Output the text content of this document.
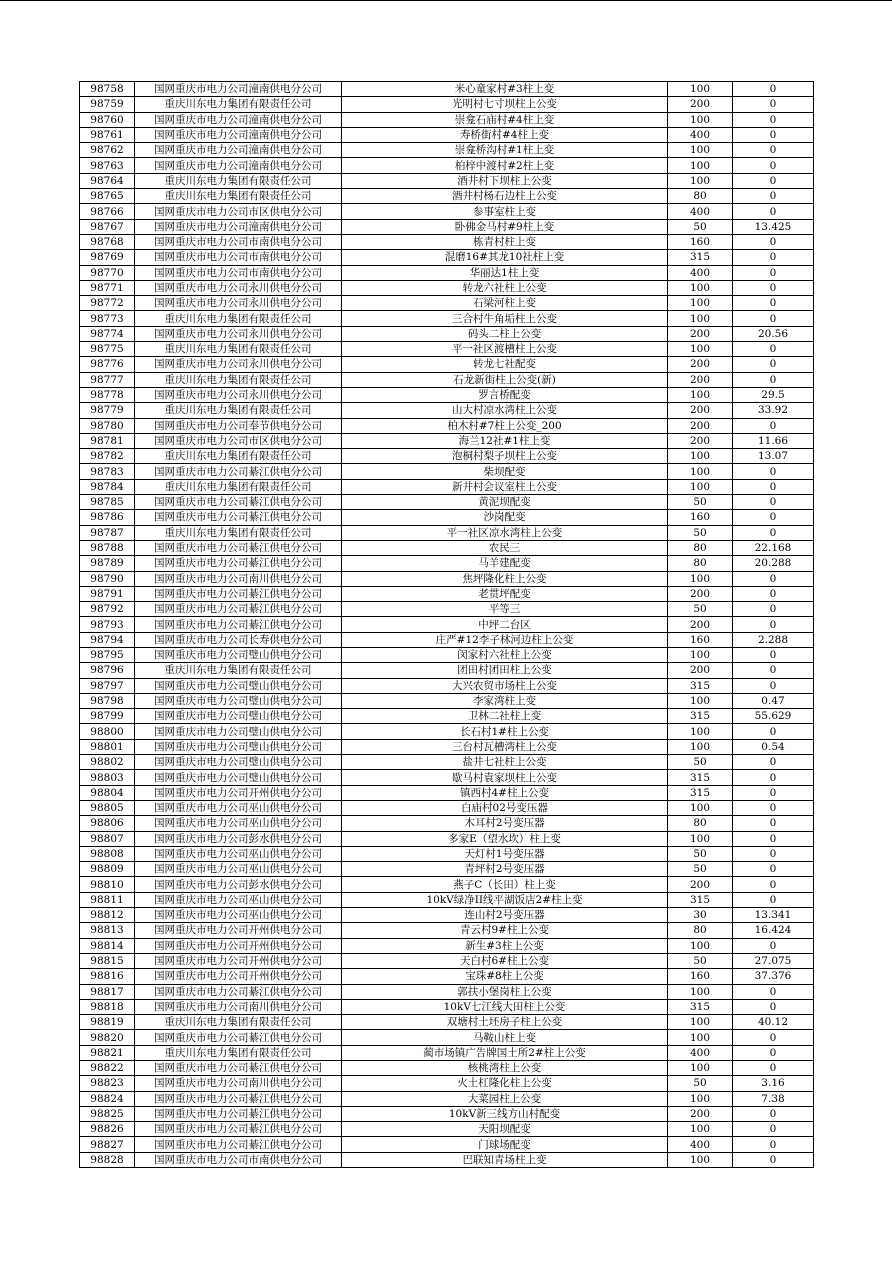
98758	国网重庆市电力公司潼南供电分公司	米心童家村#3柱上变	100	0
98759	重庆川东电力集团有限责任公司	光明村七寸坝柱上公变	200	0
98760	国网重庆市电力公司潼南供电分公司	崇龛石庙村#4柱上变	100	0
98761	国网重庆市电力公司潼南供电分公司	寿桥街村#4柱上变	400	0
98762	国网重庆市电力公司潼南供电分公司	崇龛桥沟村#1柱上变	100	0
98763	国网重庆市电力公司潼南供电分公司	柏梓中渡村#2柱上变	100	0
98764	重庆川东电力集团有限责任公司	酒井村下坝柱上公变	100	0
98765	重庆川东电力集团有限责任公司	酒井村杨石边柱上公变	80	0
98766	国网重庆市电力公司市区供电分公司	参事室柱上变	400	0
98767	国网重庆市电力公司潼南供电分公司	卧佛金马村#9柱上变	50	13.425
98768	国网重庆市电力公司市南供电分公司	栋青村柱上变	160	0
98769	国网重庆市电力公司市南供电分公司	混磨16#其龙10社柱上变	315	0
98770	国网重庆市电力公司市南供电分公司	华丽达1柱上变	400	0
98771	国网重庆市电力公司永川供电分公司	转龙六社柱上公变	100	0
98772	国网重庆市电力公司永川供电分公司	石梁河柱上变	100	0
98773	重庆川东电力集团有限责任公司	三合村牛角垢柱上公变	100	0
98774	国网重庆市电力公司永川供电分公司	码头二柱上公变	200	20.56
98775	重庆川东电力集团有限责任公司	平一社区渡槽柱上公变	100	0
98776	国网重庆市电力公司永川供电分公司	转龙七社配变	200	0
98777	重庆川东电力集团有限责任公司	石龙新街柱上公变(新)	200	0
98778	国网重庆市电力公司永川供电分公司	罗言桥配变	100	29.5
98779	重庆川东电力集团有限责任公司	山大村凉水湾柱上公变	200	33.92
98780	国网重庆市电力公司奉节供电分公司	柏木村#7柱上公变_200	200	0
98781	国网重庆市电力公司市区供电分公司	海兰12社#1柱上变	200	11.66
98782	重庆川东电力集团有限责任公司	泡桐村梨子坝柱上公变	100	13.07
98783	国网重庆市电力公司綦江供电分公司	柴坝配变	100	0
98784	重庆川东电力集团有限责任公司	新井村会议室柱上公变	100	0
98785	国网重庆市电力公司綦江供电分公司	黄泥坝配变	50	0
98786	国网重庆市电力公司綦江供电分公司	沙岗配变	160	0
98787	重庆川东电力集团有限责任公司	平一社区凉水湾柱上公变	50	0
98788	国网重庆市电力公司綦江供电分公司	农民三	80	22.168
98789	国网重庆市电力公司綦江供电分公司	马羊建配变	80	20.288
98790	国网重庆市电力公司南川供电分公司	焦坪隆化柱上公变	100	0
98791	国网重庆市电力公司綦江供电分公司	老贯坪配变	200	0
98792	国网重庆市电力公司綦江供电分公司	平等三	50	0
98793	国网重庆市电力公司綦江供电分公司	中坪二台区	200	0
98794	国网重庆市电力公司长寿供电分公司	庄严#12李子林河边柱上公变	160	2.288
98795	国网重庆市电力公司璧山供电分公司	闵家村六社柱上公变	100	0
98796	重庆川东电力集团有限责任公司	团田村团田柱上公变	200	0
98797	国网重庆市电力公司璧山供电分公司	大兴农贸市场柱上公变	315	0
98798	国网重庆市电力公司璧山供电分公司	李家湾柱上变	100	0.47
98799	国网重庆市电力公司璧山供电分公司	卫林二社柱上变	315	55.629
98800	国网重庆市电力公司璧山供电分公司	长石村1#柱上公变	100	0
98801	国网重庆市电力公司璧山供电分公司	三台村瓦槽湾柱上公变	100	0.54
98802	国网重庆市电力公司璧山供电分公司	盐井七社柱上公变	50	0
98803	国网重庆市电力公司璧山供电分公司	歇马村袁家坝柱上公变	315	0
98804	国网重庆市电力公司开州供电分公司	镇西村4#柱上公变	315	0
98805	国网重庆市电力公司巫山供电分公司	白庙村02号变压器	100	0
98806	国网重庆市电力公司巫山供电分公司	木耳村2号变压器	80	0
98807	国网重庆市电力公司彭水供电分公司	多家E（望水坎）柱上变	100	0
98808	国网重庆市电力公司巫山供电分公司	天灯村1号变压器	50	0
98809	国网重庆市电力公司巫山供电分公司	青坪村2号变压器	50	0
98810	国网重庆市电力公司彭水供电分公司	燕子C（长田）柱上变	200	0
98811	国网重庆市电力公司巫山供电分公司	10kV绿净II线平湖饭店2#柱上变	315	0
98812	国网重庆市电力公司巫山供电分公司	连山村2号变压器	30	13.341
98813	国网重庆市电力公司开州供电分公司	青云村9#柱上公变	80	16.424
98814	国网重庆市电力公司开州供电分公司	新生#3柱上公变	100	0
98815	国网重庆市电力公司开州供电分公司	天白村6#柱上公变	50	27.075
98816	国网重庆市电力公司开州供电分公司	宝珠#8柱上公变	160	37.376
98817	国网重庆市电力公司綦江供电分公司	郭扶小堡岗柱上公变	100	0
98818	国网重庆市电力公司南川供电分公司	10kV七江线大田柱上公变	315	0
98819	重庆川东电力集团有限责任公司	双塘村土坯房子柱上公变	100	40.12
98820	国网重庆市电力公司綦江供电分公司	马鞍山柱上变	100	0
98821	重庆川东电力集团有限责任公司	蔺市场镇广告牌国土所2#柱上公变	400	0
98822	国网重庆市电力公司綦江供电分公司	核桃湾柱上公变	100	0
98823	国网重庆市电力公司南川供电分公司	火土杠隆化柱上公变	50	3.16
98824	国网重庆市电力公司綦江供电分公司	大菜园柱上公变	100	7.38
98825	国网重庆市电力公司綦江供电分公司	10kV新三线方山村配变	200	0
98826	国网重庆市电力公司綦江供电分公司	天阳坝配变	100	0
98827	国网重庆市电力公司綦江供电分公司	门球场配变	400	0
98828	国网重庆市电力公司市南供电分公司	巴联知青场柱上变	100	0
